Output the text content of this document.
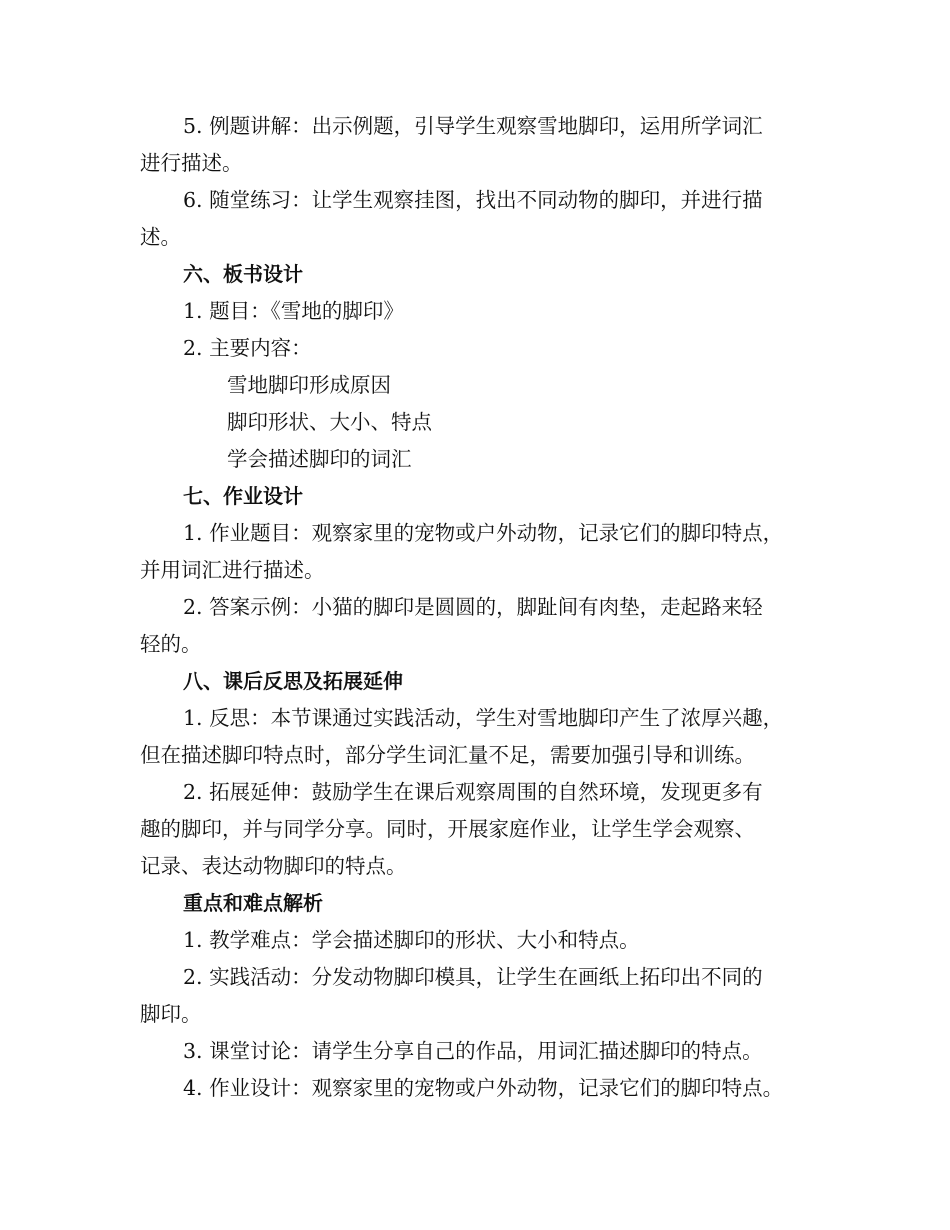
5. 例题讲解：出示例题，引导学生观察雪地脚印，运用所学词汇
进行描述。
6. 随堂练习：让学生观察挂图，找出不同动物的脚印，并进行描
述。
六、板书设计
1. 题目：《雪地的脚印》
2. 主要内容：
雪地脚印形成原因
脚印形状、大小、特点
学会描述脚印的词汇
七、作业设计
1. 作业题目：观察家里的宠物或户外动物，记录它们的脚印特点，
并用词汇进行描述。
2. 答案示例：小猫的脚印是圆圆的，脚趾间有肉垫，走起路来轻
轻的。
八、课后反思及拓展延伸
1. 反思：本节课通过实践活动，学生对雪地脚印产生了浓厚兴趣，
但在描述脚印特点时，部分学生词汇量不足，需要加强引导和训练。
2. 拓展延伸：鼓励学生在课后观察周围的自然环境，发现更多有
趣的脚印，并与同学分享。同时，开展家庭作业，让学生学会观察、
记录、表达动物脚印的特点。
重点和难点解析
1. 教学难点：学会描述脚印的形状、大小和特点。
2. 实践活动：分发动物脚印模具，让学生在画纸上拓印出不同的
脚印。
3. 课堂讨论：请学生分享自己的作品，用词汇描述脚印的特点。
4. 作业设计：观察家里的宠物或户外动物，记录它们的脚印特点。
